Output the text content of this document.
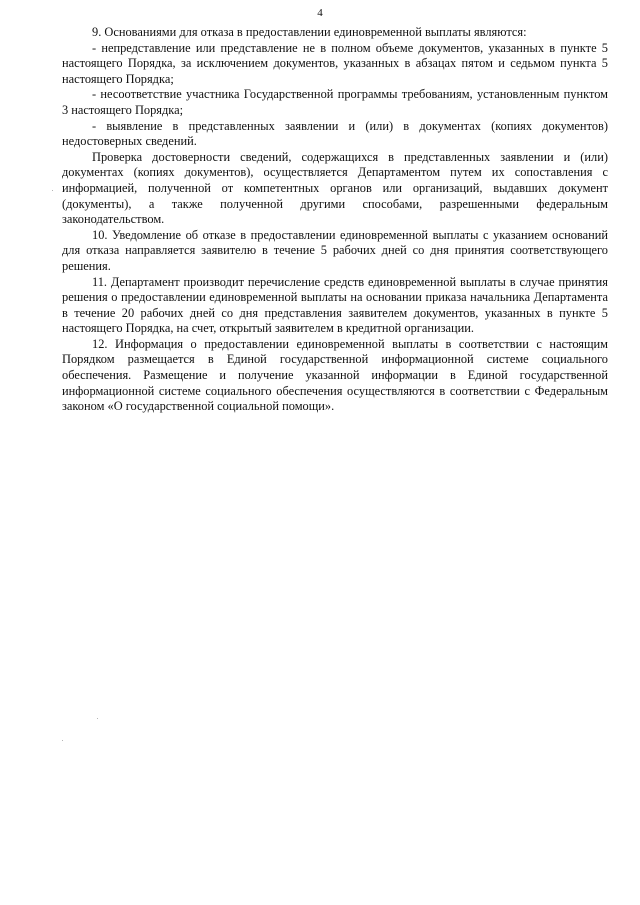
4

9. Основаниями для отказа в предоставлении единовременной выплаты являются:

- непредставление или представление не в полном объеме документов, указанных в пункте 5 настоящего Порядка, за исключением документов, указанных в абзацах пятом и седьмом пункта 5 настоящего Порядка;

- несоответствие участника Государственной программы требованиям, установленным пунктом 3 настоящего Порядка;

- выявление в представленных заявлении и (или) в документах (копиях документов) недостоверных сведений.

Проверка достоверности сведений, содержащихся в представленных заявлении и (или) документах (копиях документов), осуществляется Департаментом путем их сопоставления с информацией, полученной от компетентных органов или организаций, выдавших документ (документы), а также полученной другими способами, разрешенными федеральным законодательством.

10. Уведомление об отказе в предоставлении единовременной выплаты с указанием оснований для отказа направляется заявителю в течение 5 рабочих дней со дня принятия соответствующего решения.

11. Департамент производит перечисление средств единовременной выплаты в случае принятия решения о предоставлении единовременной выплаты на основании приказа начальника Департамента в течение 20 рабочих дней со дня представления заявителем документов, указанных в пункте 5 настоящего Порядка, на счет, открытый заявителем в кредитной организации.

12. Информация о предоставлении единовременной выплаты в соответствии с настоящим Порядком размещается в Единой государственной информационной системе социального обеспечения. Размещение и получение указанной информации в Единой государственной информационной системе социального обеспечения осуществляются в соответствии с Федеральным законом «О государственной социальной помощи».
